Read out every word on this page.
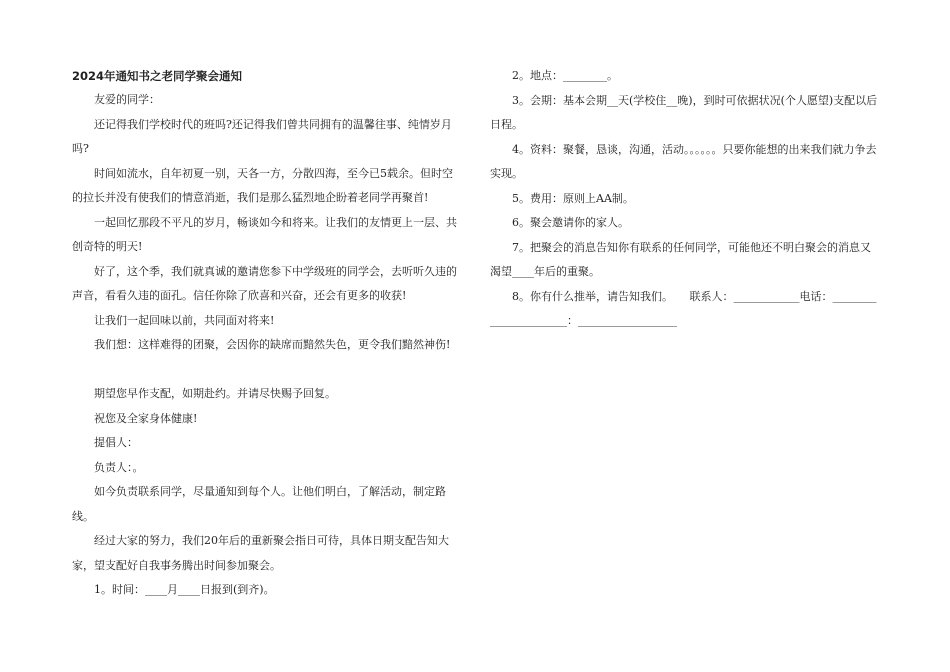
2024年通知书之老同学聚会通知

友爱的同学：

还记得我们学校时代的班吗?还记得我们曾共同拥有的温馨往事、纯情岁月吗?

时间如流水，自年初夏一别，天各一方，分散四海，至今已5载余。但时空的拉长并没有使我们的情意消逝，我们是那么猛烈地企盼着老同学再聚首!

一起回忆那段不平凡的岁月，畅谈如今和将来。让我们的友情更上一层、共创奇特的明天!

好了，这个季，我们就真诚的邀请您参下中学级班的同学会，去听听久违的声音，看看久违的面孔。信任你除了欣喜和兴奋，还会有更多的收获!

让我们一起回味以前，共同面对将来!

我们想：这样难得的团聚，会因你的缺席而黯然失色，更令我们黯然神伤!

期望您早作支配，如期赴约。并请尽快赐予回复。

祝您及全家身体健康!

提倡人：

负责人：。

如今负责联系同学，尽量通知到每个人。让他们明白，了解活动，制定路线。

经过大家的努力，我们20年后的重新聚会指日可待，具体日期支配告知大家，望支配好自我事务腾出时间参加聚会。

1。时间：____月____日报到(到齐)。

2。地点：________。

3。会期：基本会期__天(学校住__晚)，到时可依据状况(个人愿望)支配以后日程。

4。资料：聚餐，恳谈，沟通，活动。。。。。。只要你能想的出来我们就力争去实现。

5。费用：原则上AA制。

6。聚会邀请你的家人。

7。把聚会的消息告知你有联系的任何同学，可能他还不明白聚会的消息又渴望____年后的重聚。

8。你有什么推举，请告知我们。　　联系人：____________电话：______________________：__________________
